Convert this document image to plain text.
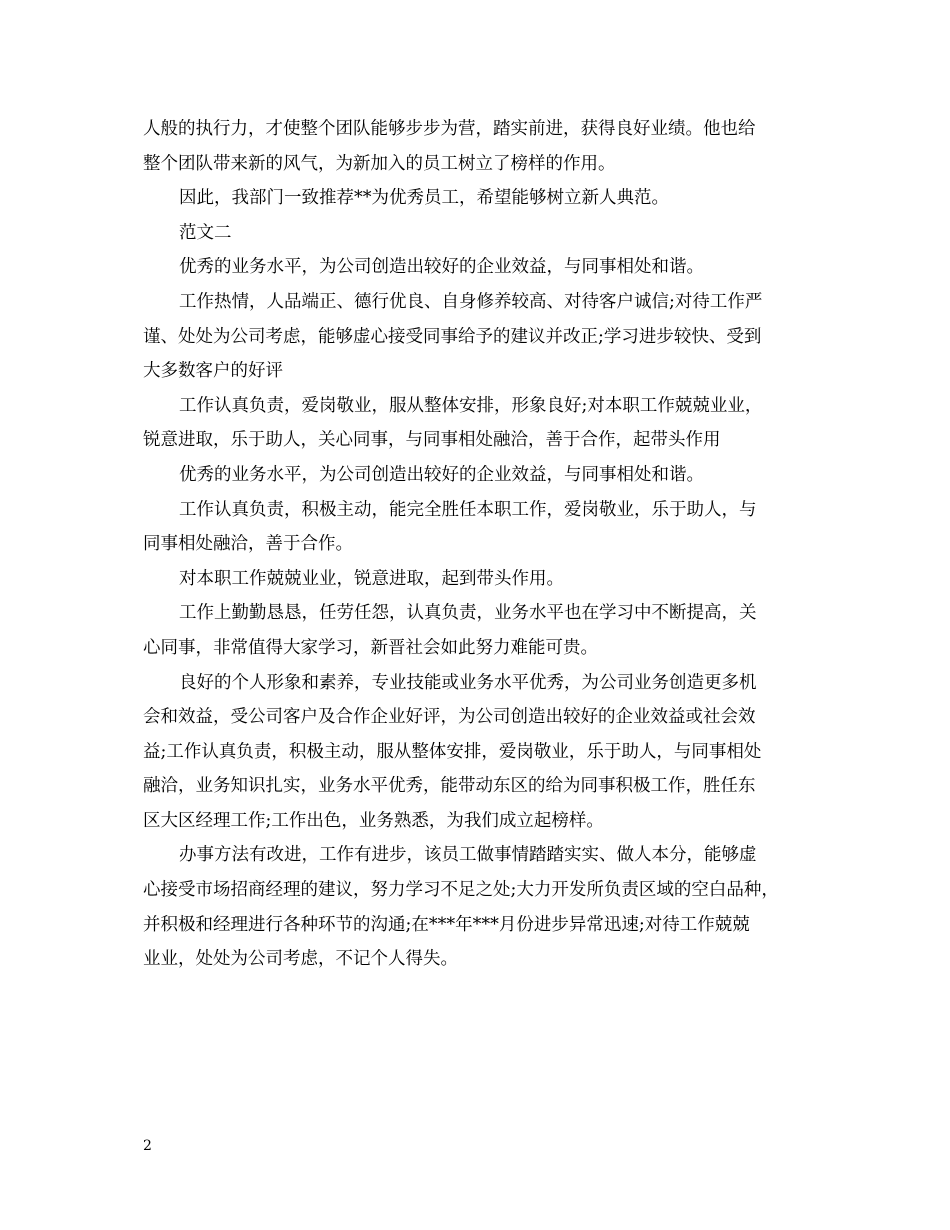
人般的执行力，才使整个团队能够步步为营，踏实前进，获得良好业绩。他也给
整个团队带来新的风气，为新加入的员工树立了榜样的作用。
因此，我部门一致推荐**为优秀员工，希望能够树立新人典范。
范文二
优秀的业务水平，为公司创造出较好的企业效益，与同事相处和谐。
工作热情，人品端正、德行优良、自身修养较高、对待客户诚信;对待工作严
谨、处处为公司考虑，能够虚心接受同事给予的建议并改正;学习进步较快、受到
大多数客户的好评
工作认真负责，爱岗敬业，服从整体安排，形象良好;对本职工作兢兢业业，
锐意进取，乐于助人，关心同事，与同事相处融洽，善于合作，起带头作用
优秀的业务水平，为公司创造出较好的企业效益，与同事相处和谐。
工作认真负责，积极主动，能完全胜任本职工作，爱岗敬业，乐于助人，与
同事相处融洽，善于合作。
对本职工作兢兢业业，锐意进取，起到带头作用。
工作上勤勤恳恳，任劳任怨，认真负责，业务水平也在学习中不断提高，关
心同事，非常值得大家学习，新晋社会如此努力难能可贵。
良好的个人形象和素养，专业技能或业务水平优秀，为公司业务创造更多机
会和效益，受公司客户及合作企业好评，为公司创造出较好的企业效益或社会效
益;工作认真负责，积极主动，服从整体安排，爱岗敬业，乐于助人，与同事相处
融洽，业务知识扎实，业务水平优秀，能带动东区的给为同事积极工作，胜任东
区大区经理工作;工作出色，业务熟悉，为我们成立起榜样。
办事方法有改进，工作有进步，该员工做事情踏踏实实、做人本分，能够虚
心接受市场招商经理的建议，努力学习不足之处;大力开发所负责区域的空白品种，
并积极和经理进行各种环节的沟通;在***年***月份进步异常迅速;对待工作兢兢
业业，处处为公司考虑，不记个人得失。
2
